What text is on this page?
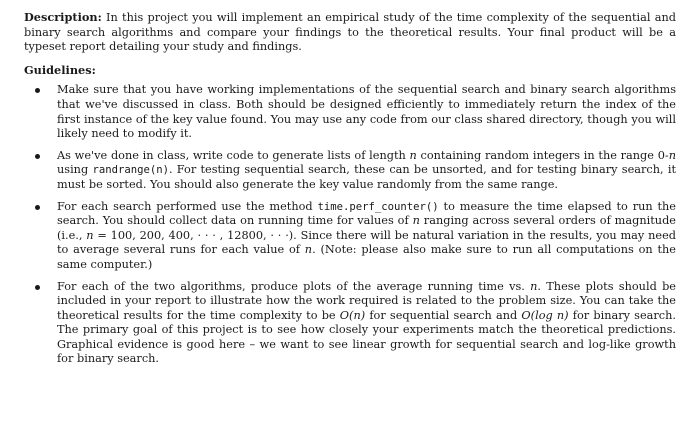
Description: In this project you will implement an empirical study of the time complexity of the sequential and binary search algorithms and compare your findings to the theoretical results. Your final product will be a typeset report detailing your study and findings.

Guidelines:

Make sure that you have working implementations of the sequential search and binary search algorithms that we've discussed in class. Both should be designed efficiently to immediately return the index of the first instance of the key value found. You may use any code from our class shared directory, though you will likely need to modify it.
As we've done in class, write code to generate lists of length n containing random integers in the range 0-n using randrange(n). For testing sequential search, these can be unsorted, and for testing binary search, it must be sorted. You should also generate the key value randomly from the same range.
For each search performed use the method time.perf_counter() to measure the time elapsed to run the search. You should collect data on running time for values of n ranging across several orders of magnitude (i.e., n = 100, 200, 400, · · · , 12800, · · ·). Since there will be natural variation in the results, you may need to average several runs for each value of n. (Note: please also make sure to run all computations on the same computer.)
For each of the two algorithms, produce plots of the average running time vs. n. These plots should be included in your report to illustrate how the work required is related to the problem size. You can take the theoretical results for the time complexity to be O(n) for sequential search and O(log n) for binary search. The primary goal of this project is to see how closely your experiments match the theoretical predictions. Graphical evidence is good here – we want to see linear growth for sequential search and log-like growth for binary search.
